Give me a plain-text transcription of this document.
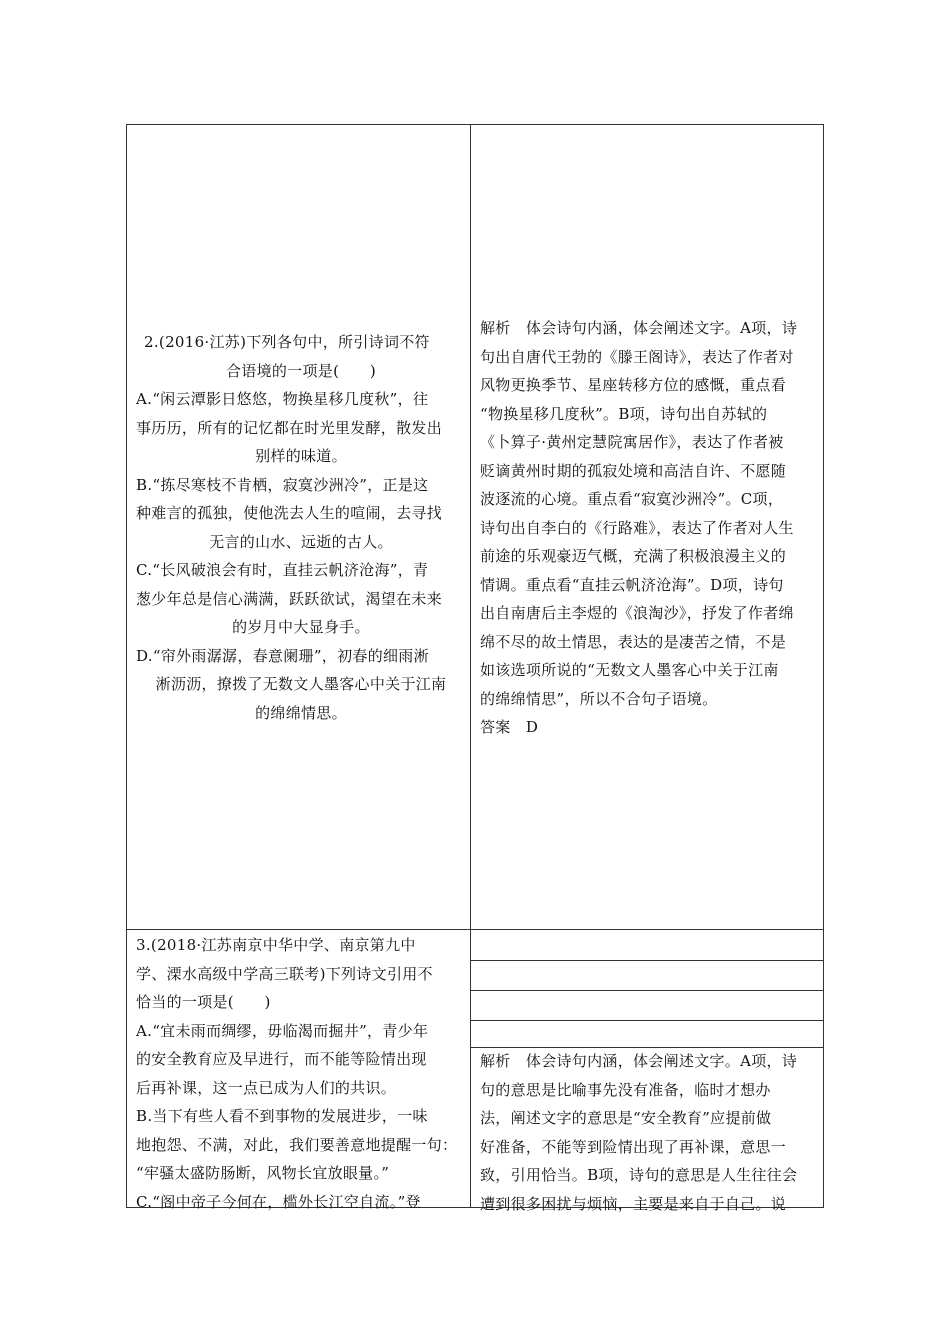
2.(2016·江苏)下列各句中，所引诗词不符

合语境的一项是(　　)

A.“闲云潭影日悠悠，物换星移几度秋”，往

事历历，所有的记忆都在时光里发酵，散发出

别样的味道。

B.“拣尽寒枝不肯栖，寂寞沙洲冷”，正是这

种难言的孤独，使他洗去人生的喧闹，去寻找

无言的山水、远逝的古人。

C.“长风破浪会有时，直挂云帆济沧海”，青

葱少年总是信心满满，跃跃欲试，渴望在未来

的岁月中大显身手。

D.“帘外雨潺潺，春意阑珊”，初春的细雨淅

淅沥沥，撩拨了无数文人墨客心中关于江南

的绵绵情思。

解析　体会诗句内涵，体会阐述文字。A项，诗

句出自唐代王勃的《滕王阁诗》，表达了作者对

风物更换季节、星座转移方位的感慨，重点看

“物换星移几度秋”。B项，诗句出自苏轼的

《卜算子·黄州定慧院寓居作》，表达了作者被

贬谪黄州时期的孤寂处境和高洁自许、不愿随

波逐流的心境。重点看“寂寞沙洲冷”。C项，

诗句出自李白的《行路难》，表达了作者对人生

前途的乐观豪迈气概，充满了积极浪漫主义的

情调。重点看“直挂云帆济沧海”。D项，诗句

出自南唐后主李煜的《浪淘沙》，抒发了作者绵

绵不尽的故土情思，表达的是凄苦之情，不是

如该选项所说的“无数文人墨客心中关于江南

的绵绵情思”，所以不合句子语境。

答案　D

3.(2018·江苏南京中华中学、南京第九中

学、溧水高级中学高三联考)下列诗文引用不

恰当的一项是(　　)

A.“宜未雨而绸缪，毋临渴而掘井”，青少年

的安全教育应及早进行，而不能等险情出现

后再补课，这一点已成为人们的共识。

B.当下有些人看不到事物的发展进步，一味

地抱怨、不满，对此，我们要善意地提醒一句：

“牢骚太盛防肠断，风物长宜放眼量。”

C.“阁中帝子今何在，槛外长江空自流。”登

解析　体会诗句内涵，体会阐述文字。A项，诗

句的意思是比喻事先没有准备，临时才想办

法，阐述文字的意思是“安全教育”应提前做

好准备，不能等到险情出现了再补课，意思一

致，引用恰当。B项，诗句的意思是人生往往会

遭到很多困扰与烦恼，主要是来自于自己。说
